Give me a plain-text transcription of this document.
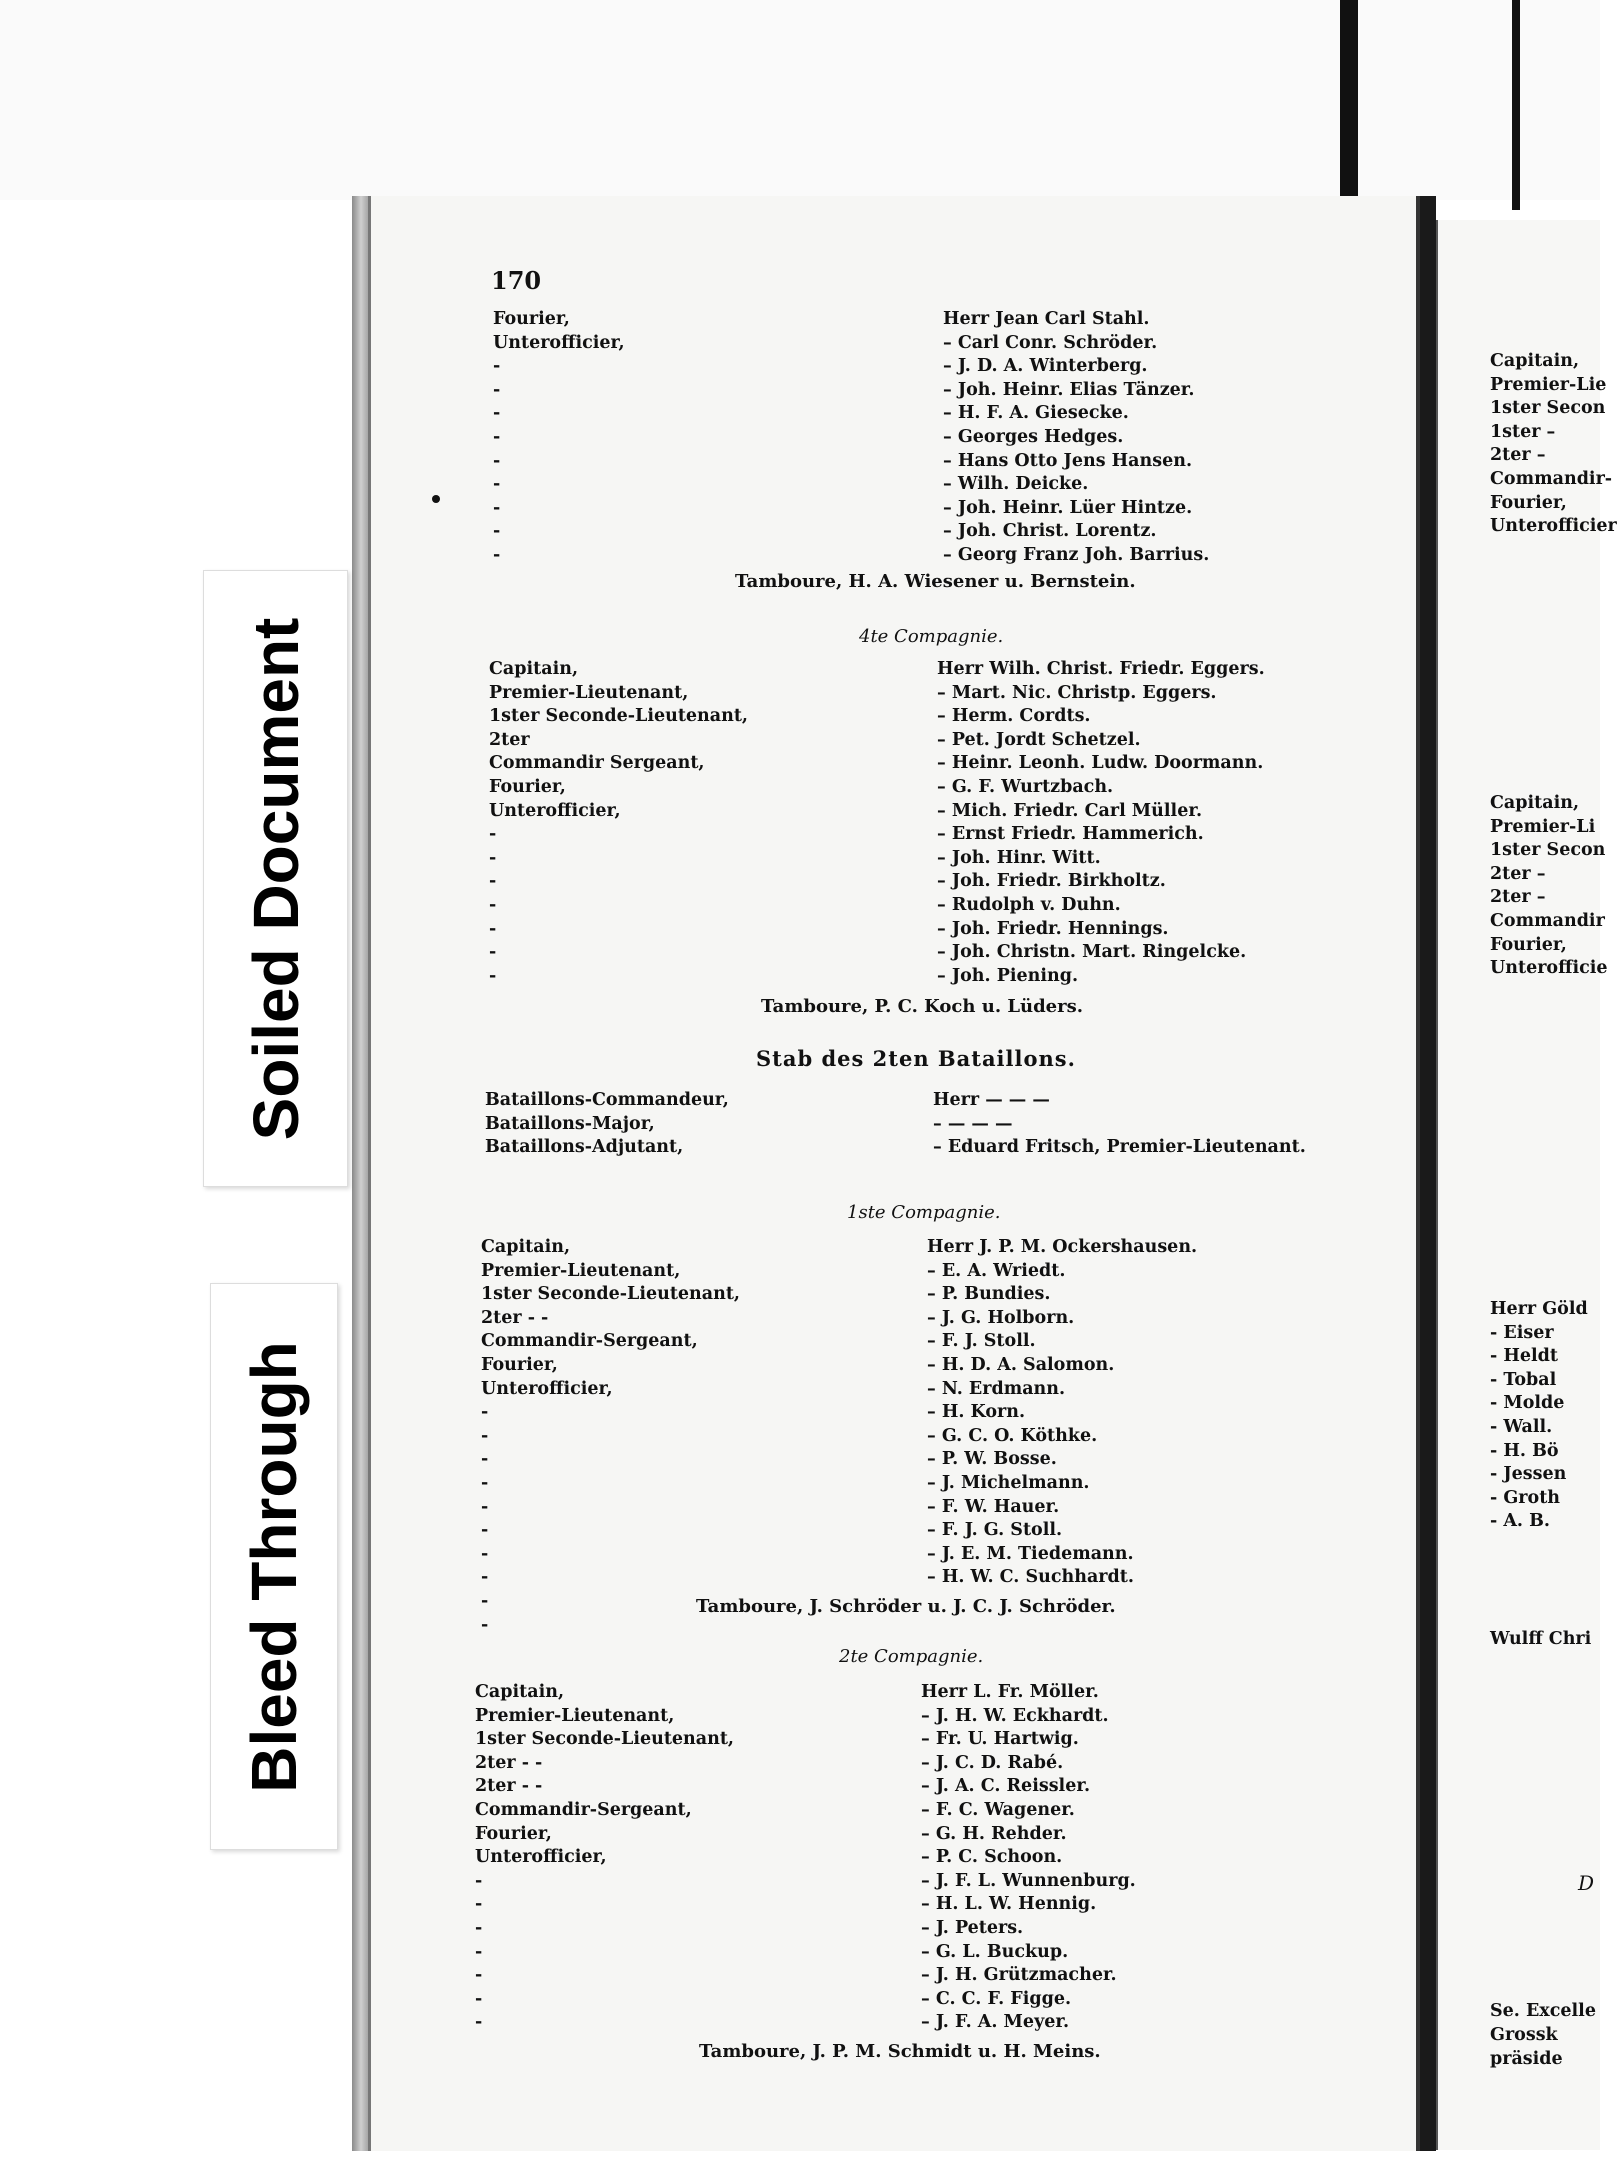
170
Fourier,
Unterofficier,
-
-
-
-
-
-
-
-
-
Herr Jean Carl Stahl.
– Carl Conr. Schröder.
– J. D. A. Winterberg.
– Joh. Heinr. Elias Tänzer.
– H. F. A. Giesecke.
– Georges Hedges.
– Hans Otto Jens Hansen.
– Wilh. Deicke.
– Joh. Heinr. Lüer Hintze.
– Joh. Christ. Lorentz.
– Georg Franz Joh. Barrius.
Tamboure, H. A. Wiesener u. Bernstein.
4te Compagnie.
Capitain,
Premier-Lieutenant,
1ster Seconde-Lieutenant,
2ter
Commandir Sergeant,
Fourier,
Unterofficier,
-
-
-
-
-
-
-
Herr Wilh. Christ. Friedr. Eggers.
– Mart. Nic. Christp. Eggers.
– Herm. Cordts.
– Pet. Jordt Schetzel.
– Heinr. Leonh. Ludw. Doormann.
– G. F. Wurtzbach.
– Mich. Friedr. Carl Müller.
– Ernst Friedr. Hammerich.
– Joh. Hinr. Witt.
– Joh. Friedr. Birkholtz.
– Rudolph v. Duhn.
– Joh. Friedr. Hennings.
– Joh. Christn. Mart. Ringelcke.
– Joh. Piening.
Tamboure, P. C. Koch u. Lüders.
Stab des 2ten Bataillons.
Bataillons-Commandeur,
Bataillons-Major,
Bataillons-Adjutant,
Herr — — —
– — — —
– Eduard Fritsch, Premier-Lieutenant.
1ste Compagnie.
Capitain,
Premier-Lieutenant,
1ster Seconde-Lieutenant,
2ter - -
Commandir-Sergeant,
Fourier,
Unterofficier,
-
-
-
-
-
-
-
-
-
-
Herr J. P. M. Ockershausen.
– E. A. Wriedt.
– P. Bundies.
– J. G. Holborn.
– F. J. Stoll.
– H. D. A. Salomon.
– N. Erdmann.
– H. Korn.
– G. C. O. Köthke.
– P. W. Bosse.
– J. Michelmann.
– F. W. Hauer.
– F. J. G. Stoll.
– J. E. M. Tiedemann.
– H. W. C. Suchhardt.
Tamboure, J. Schröder u. J. C. J. Schröder.
2te Compagnie.
Capitain,
Premier-Lieutenant,
1ster Seconde-Lieutenant,
2ter - -
2ter - -
Commandir-Sergeant,
Fourier,
Unterofficier,
-
-
-
-
-
-
-
Herr L. Fr. Möller.
– J. H. W. Eckhardt.
– Fr. U. Hartwig.
– J. C. D. Rabé.
– J. A. C. Reissler.
– F. C. Wagener.
– G. H. Rehder.
– P. C. Schoon.
– J. F. L. Wunnenburg.
– H. L. W. Hennig.
– J. Peters.
– G. L. Buckup.
– J. H. Grützmacher.
– C. C. F. Figge.
– J. F. A. Meyer.
Tamboure, J. P. M. Schmidt u. H. Meins.
Capitain,
Premier-Lie
1ster Secon
1ster –
2ter –
Commandir-
Fourier,
Unterofficier
Capitain,
Premier-Li
1ster Secon
2ter –
2ter –
Commandir
Fourier,
Unterofficie
Herr Göld
- Eiser
- Heldt
- Tobal
- Molde
- Wall.
- H. Bö
- Jessen
- Groth
- A. B.
Wulff Chri
D
Se. Excelle
Grossk
präside
Soiled Document
Bleed Through
